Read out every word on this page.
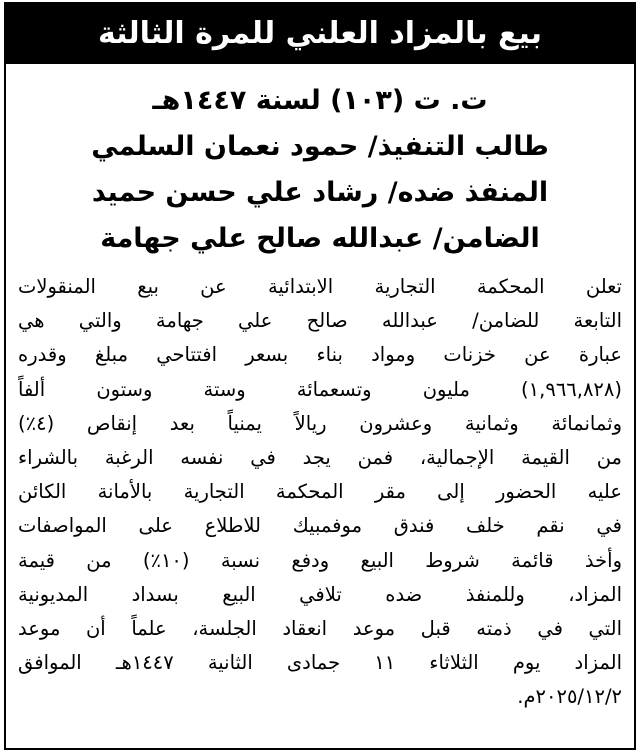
بيع بالمزاد العلني للمرة الثالثة
ت. ت (١٠٣) لسنة ١٤٤٧هـ
طالب التنفيذ/ حمود نعمان السلمي
المنفذ ضده/ رشاد علي حسن حميد
الضامن/ عبدالله صالح علي جهامة
تعلن المحكمة التجارية الابتدائية عن بيع المنقولات
التابعة للضامن/ عبدالله صالح علي جهامة والتي هي
عبارة عن خزنات ومواد بناء بسعر افتتاحي مبلغ وقدره
(١,٩٦٦,٨٢٨) مليون وتسعمائة وستة وستون ألفاً
وثمانمائة وثمانية وعشرون ريالاً يمنياً بعد إنقاص (٤٪)
من القيمة الإجمالية، فمن يجد في نفسه الرغبة بالشراء
عليه الحضور إلى مقر المحكمة التجارية بالأمانة الكائن
في نقم خلف فندق موفمبيك للاطلاع على المواصفات
وأخذ قائمة شروط البيع ودفع نسبة (١٠٪) من قيمة
المزاد، وللمنفذ ضده تلافي البيع بسداد المديونية
التي في ذمته قبل موعد انعقاد الجلسة، علماً أن موعد
المزاد يوم الثلاثاء ١١ جمادى الثانية ١٤٤٧هـ الموافق
٢٠٢٥/١٢/٢م.
